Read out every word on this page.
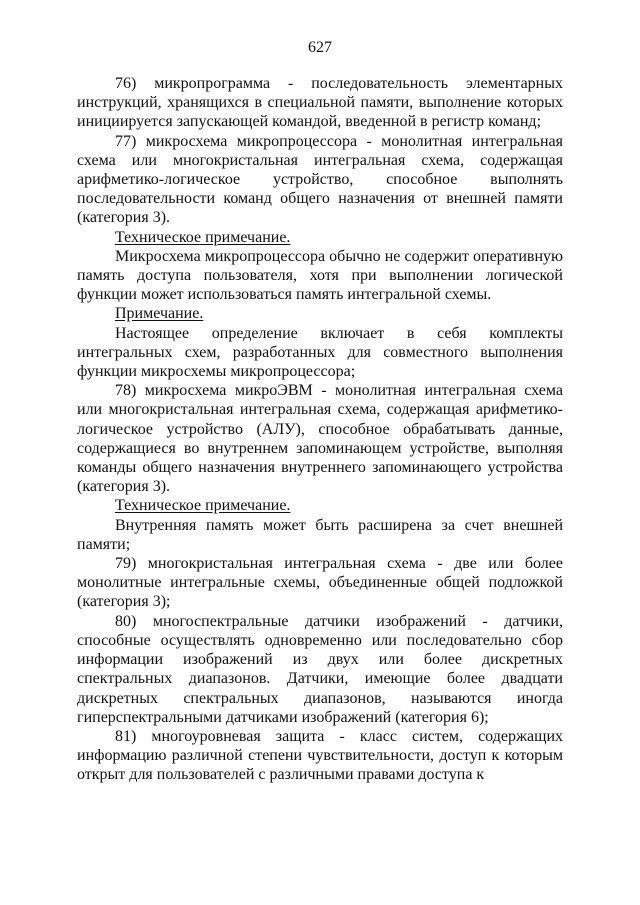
627

76) микропрограмма - последовательность элементарных инструкций, хранящихся в специальной памяти, выполнение которых инициируется запускающей командой, введенной в регистр команд;

77) микросхема микропроцессора - монолитная интегральная схема или многокристальная интегральная схема, содержащая арифметико-логическое устройство, способное выполнять последовательности команд общего назначения от внешней памяти (категория 3).

Техническое примечание.

Микросхема микропроцессора обычно не содержит оперативную память доступа пользователя, хотя при выполнении логической функции может использоваться память интегральной схемы.

Примечание.

Настоящее определение включает в себя комплекты интегральных схем, разработанных для совместного выполнения функции микросхемы микропроцессора;

78) микросхема микроЭВМ - монолитная интегральная схема или многокристальная интегральная схема, содержащая арифметико-логическое устройство (АЛУ), способное обрабатывать данные, содержащиеся во внутреннем запоминающем устройстве, выполняя команды общего назначения внутреннего запоминающего устройства (категория 3).

Техническое примечание.

Внутренняя память может быть расширена за счет внешней памяти;

79) многокристальная интегральная схема - две или более монолитные интегральные схемы, объединенные общей подложкой (категория 3);

80) многоспектральные датчики изображений - датчики, способные осуществлять одновременно или последовательно сбор информации изображений из двух или более дискретных спектральных диапазонов. Датчики, имеющие более двадцати дискретных спектральных диапазонов, называются иногда гиперспектральными датчиками изображений (категория 6);

81) многоуровневая защита - класс систем, содержащих информацию различной степени чувствительности, доступ к которым открыт для пользователей с различными правами доступа к
